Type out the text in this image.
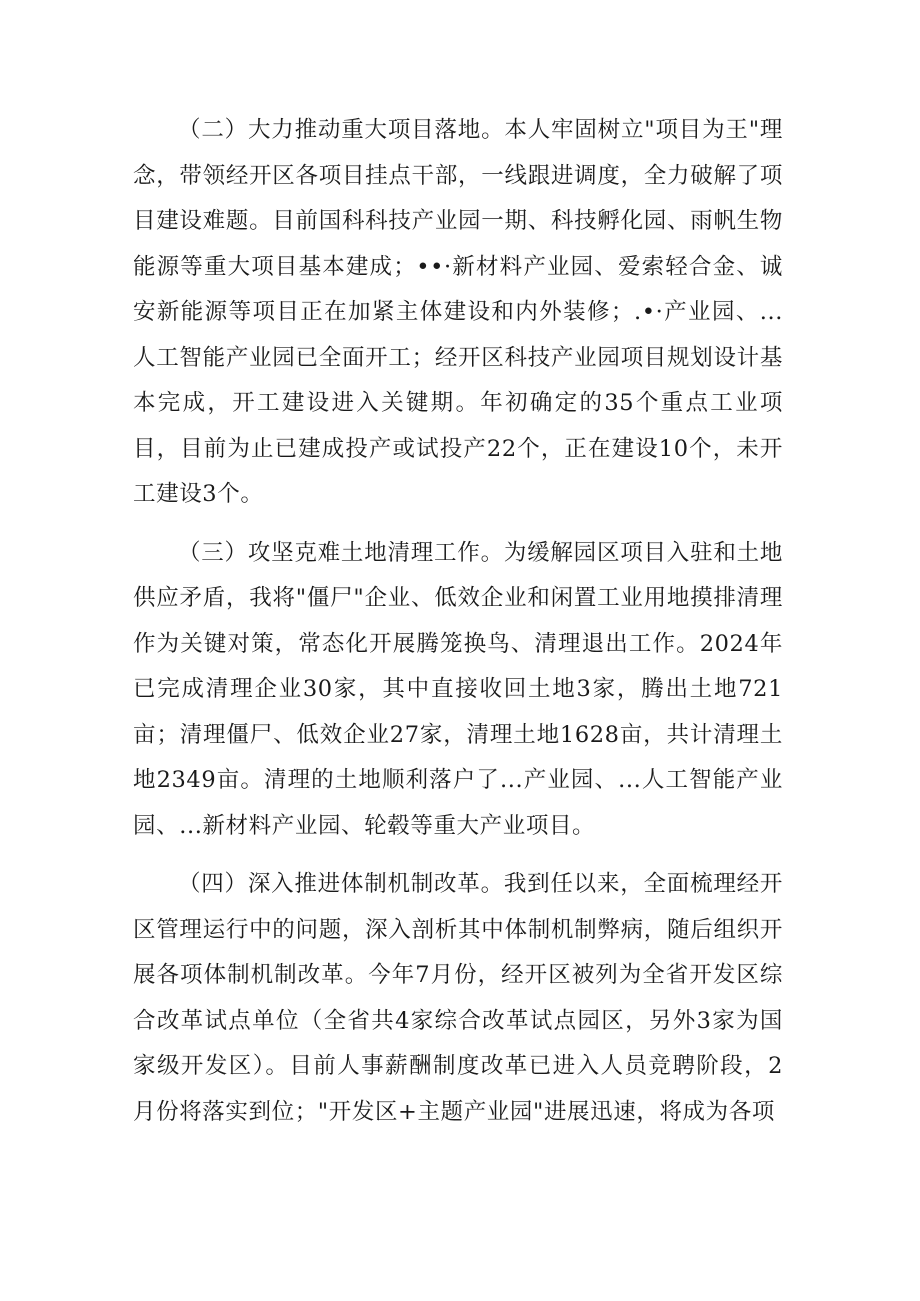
（二）大力推动重大项目落地。本人牢固树立"项目为王"理念，带领经开区各项目挂点干部，一线跟进调度，全力破解了项目建设难题。目前国科科技产业园一期、科技孵化园、雨帆生物能源等重大项目基本建成；••·新材料产业园、爱索轻合金、诚安新能源等项目正在加紧主体建设和内外装修；.•·产业园、...人工智能产业园已全面开工；经开区科技产业园项目规划设计基本完成，开工建设进入关键期。年初确定的35个重点工业项目，目前为止已建成投产或试投产22个，正在建设10个，未开工建设3个。

（三）攻坚克难土地清理工作。为缓解园区项目入驻和土地供应矛盾，我将"僵尸"企业、低效企业和闲置工业用地摸排清理作为关键对策，常态化开展腾笼换鸟、清理退出工作。2024年已完成清理企业30家，其中直接收回土地3家，腾出土地721亩；清理僵尸、低效企业27家，清理土地1628亩，共计清理土地2349亩。清理的土地顺利落户了...产业园、...人工智能产业园、...新材料产业园、轮毂等重大产业项目。

（四）深入推进体制机制改革。我到任以来，全面梳理经开区管理运行中的问题，深入剖析其中体制机制弊病，随后组织开展各项体制机制改革。今年7月份，经开区被列为全省开发区综合改革试点单位（全省共4家综合改革试点园区，另外3家为国家级开发区）。目前人事薪酬制度改革已进入人员竞聘阶段，2月份将落实到位；"开发区+主题产业园"进展迅速，将成为各项
